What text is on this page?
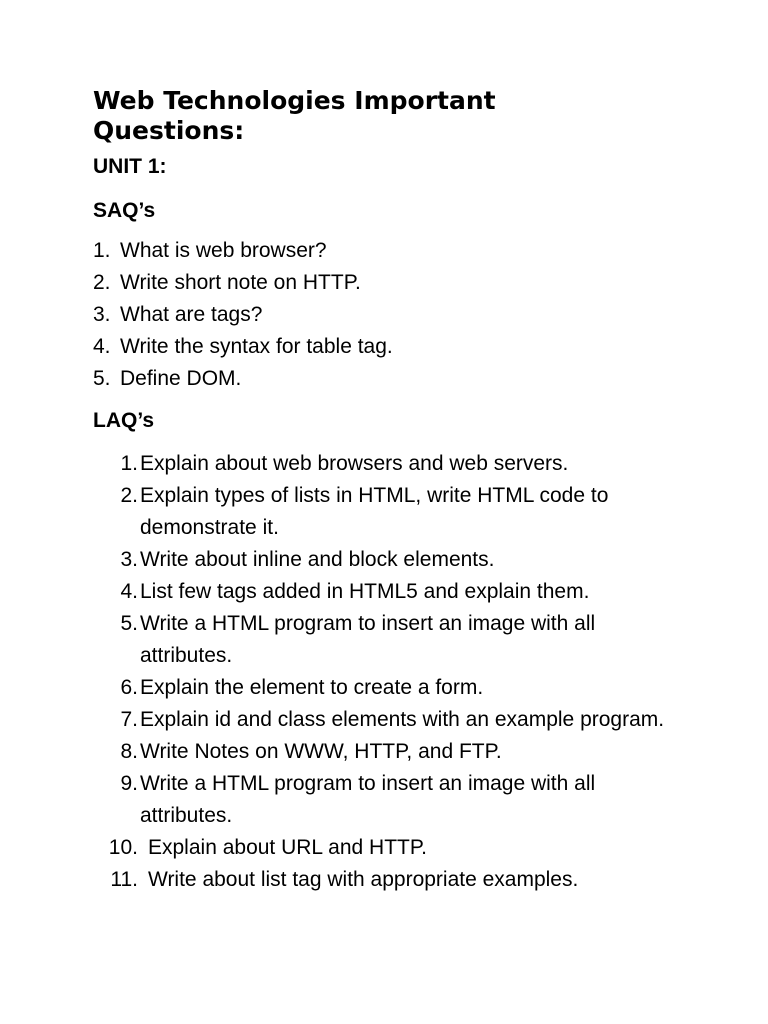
Web Technologies Important Questions:
UNIT 1:
SAQ’s
1. What is web browser?
2. Write short note on HTTP.
3. What are tags?
4. Write the syntax for table tag.
5. Define DOM.
LAQ’s
1. Explain about web browsers and web servers.
2. Explain types of lists in HTML, write HTML code to demonstrate it.
3. Write about inline and block elements.
4. List few tags added in HTML5 and explain them.
5. Write a HTML program to insert an image with all attributes.
6. Explain the element to create a form.
7. Explain id and class elements with an example program.
8. Write Notes on WWW, HTTP, and FTP.
9. Write a HTML program to insert an image with all attributes.
10. Explain about URL and HTTP.
11. Write about list tag with appropriate examples.
